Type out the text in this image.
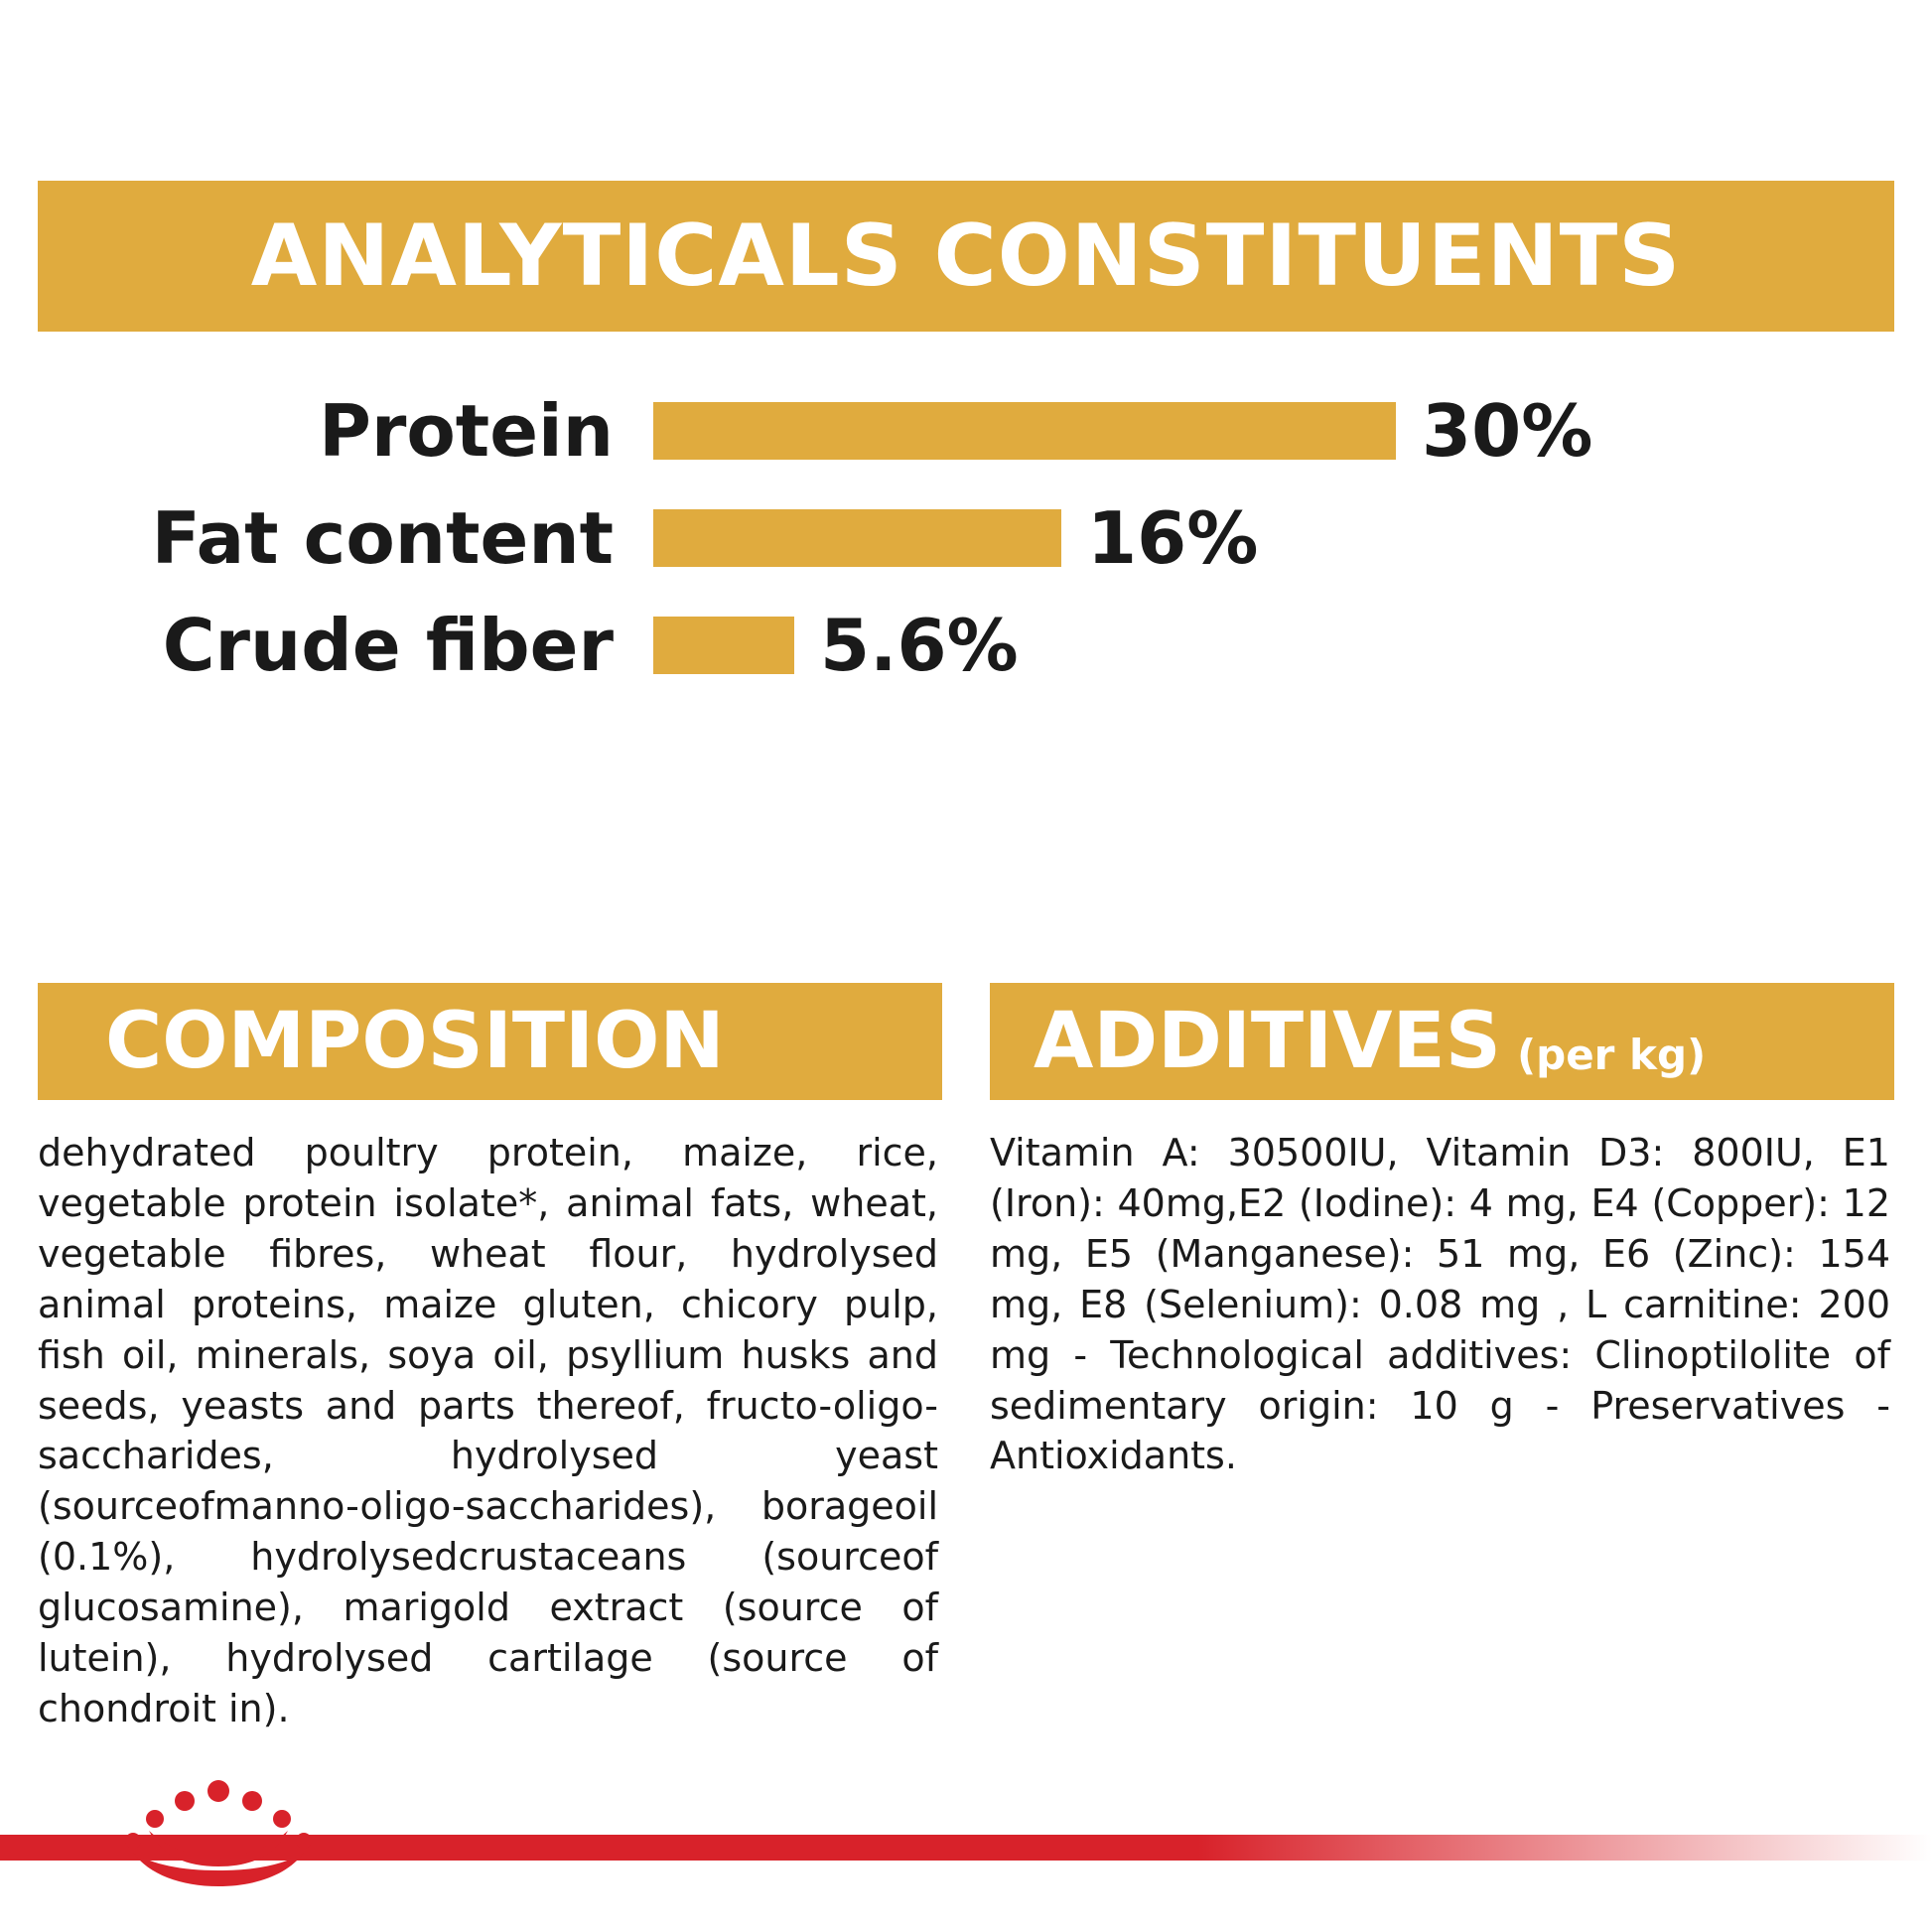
ANALYTICALS CONSTITUENTS
Protein	30%
Fat content	16%
Crude fiber	5.6%
COMPOSITION
dehydrated poultry protein, maize, rice, vegetable protein isolate*, animal fats, wheat, vegetable fibres, wheat flour, hydrolysed animal proteins, maize gluten, chicory pulp, fish oil, minerals, soya oil, psyllium husks and seeds, yeasts and parts thereof, fructo-oligo-saccharides, hydrolysed yeast (sourceofmanno-oligo-saccharides), borageoil (0.1%), hydrolysedcrustaceans (sourceof glucosamine), marigold extract (source of lutein), hydrolysed cartilage (source of chondroit in).
ADDITIVES (per kg)
Vitamin A: 30500IU, Vitamin D3: 800IU, E1 (Iron): 40mg,E2 (Iodine): 4 mg, E4 (Copper): 12 mg, E5 (Manganese): 51 mg, E6 (Zinc): 154 mg, E8 (Selenium): 0.08 mg , L carnitine: 200 mg - Technological additives: Clinoptilolite of sedimentary origin: 10 g - Preservatives - Antioxidants.
